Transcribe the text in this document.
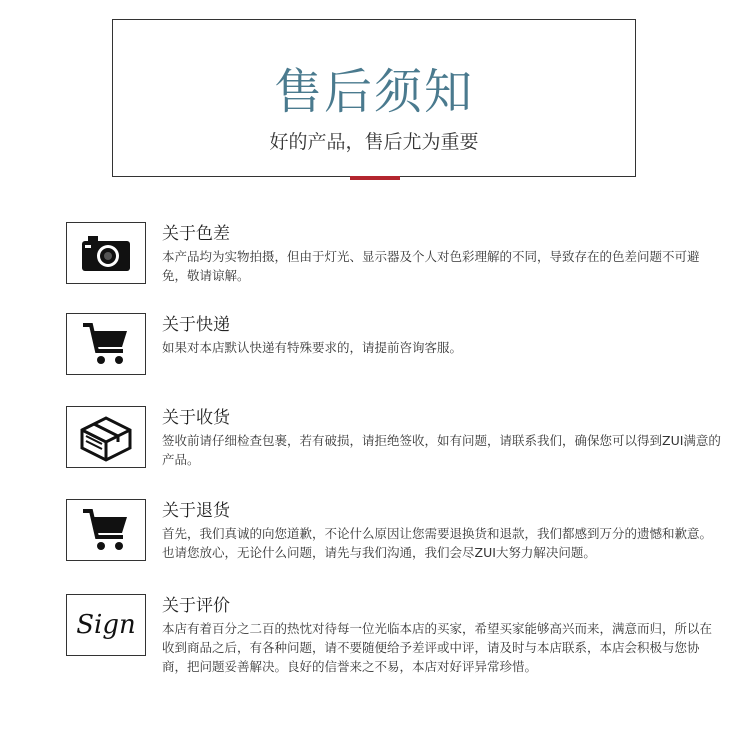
售后须知
好的产品，售后尤为重要
关于色差
本产品均为实物拍摄，但由于灯光、显示器及个人对色彩理解的不同，导致存在的色差问题不可避免，敬请谅解。
关于快递
如果对本店默认快递有特殊要求的，请提前咨询客服。
关于收货
签收前请仔细检查包裹，若有破损，请拒绝签收，如有问题，请联系我们，确保您可以得到ZUI满意的产品。
关于退货
首先，我们真诚的向您道歉，不论什么原因让您需要退换货和退款，我们都感到万分的遗憾和歉意。也请您放心，无论什么问题，请先与我们沟通，我们会尽ZUI大努力解决问题。
Sign
关于评价
本店有着百分之二百的热忱对待每一位光临本店的买家，希望买家能够高兴而来，满意而归，所以在收到商品之后，有各种问题，请不要随便给予差评或中评，请及时与本店联系，本店会积极与您协商，把问题妥善解决。良好的信誉来之不易，本店对好评异常珍惜。
